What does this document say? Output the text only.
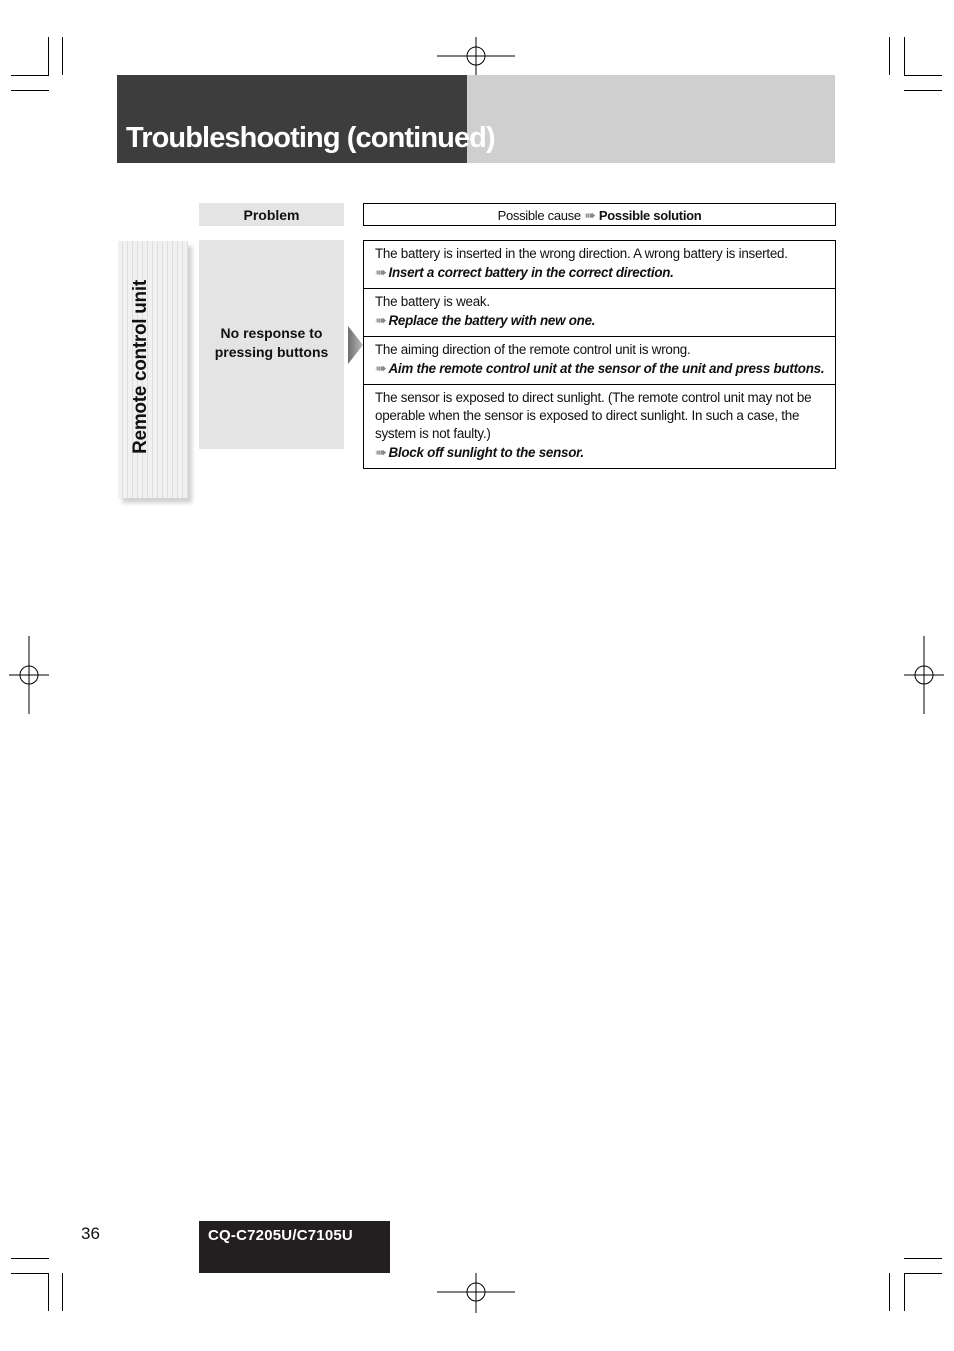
Troubleshooting (continued)
Problem	Possible cause ➠ Possible solution
Remote control unit	No response to pressing buttons
The battery is inserted in the wrong direction. A wrong battery is inserted.
➠ Insert a correct battery in the correct direction.
The battery is weak.
➠ Replace the battery with new one.
The aiming direction of the remote control unit is wrong.
➠ Aim the remote control unit at the sensor of the unit and press buttons.
The sensor is exposed to direct sunlight. (The remote control unit may not be operable when the sensor is exposed to direct sunlight. In such a case, the system is not faulty.)
➠ Block off sunlight to the sensor.
36	CQ-C7205U/C7105U
